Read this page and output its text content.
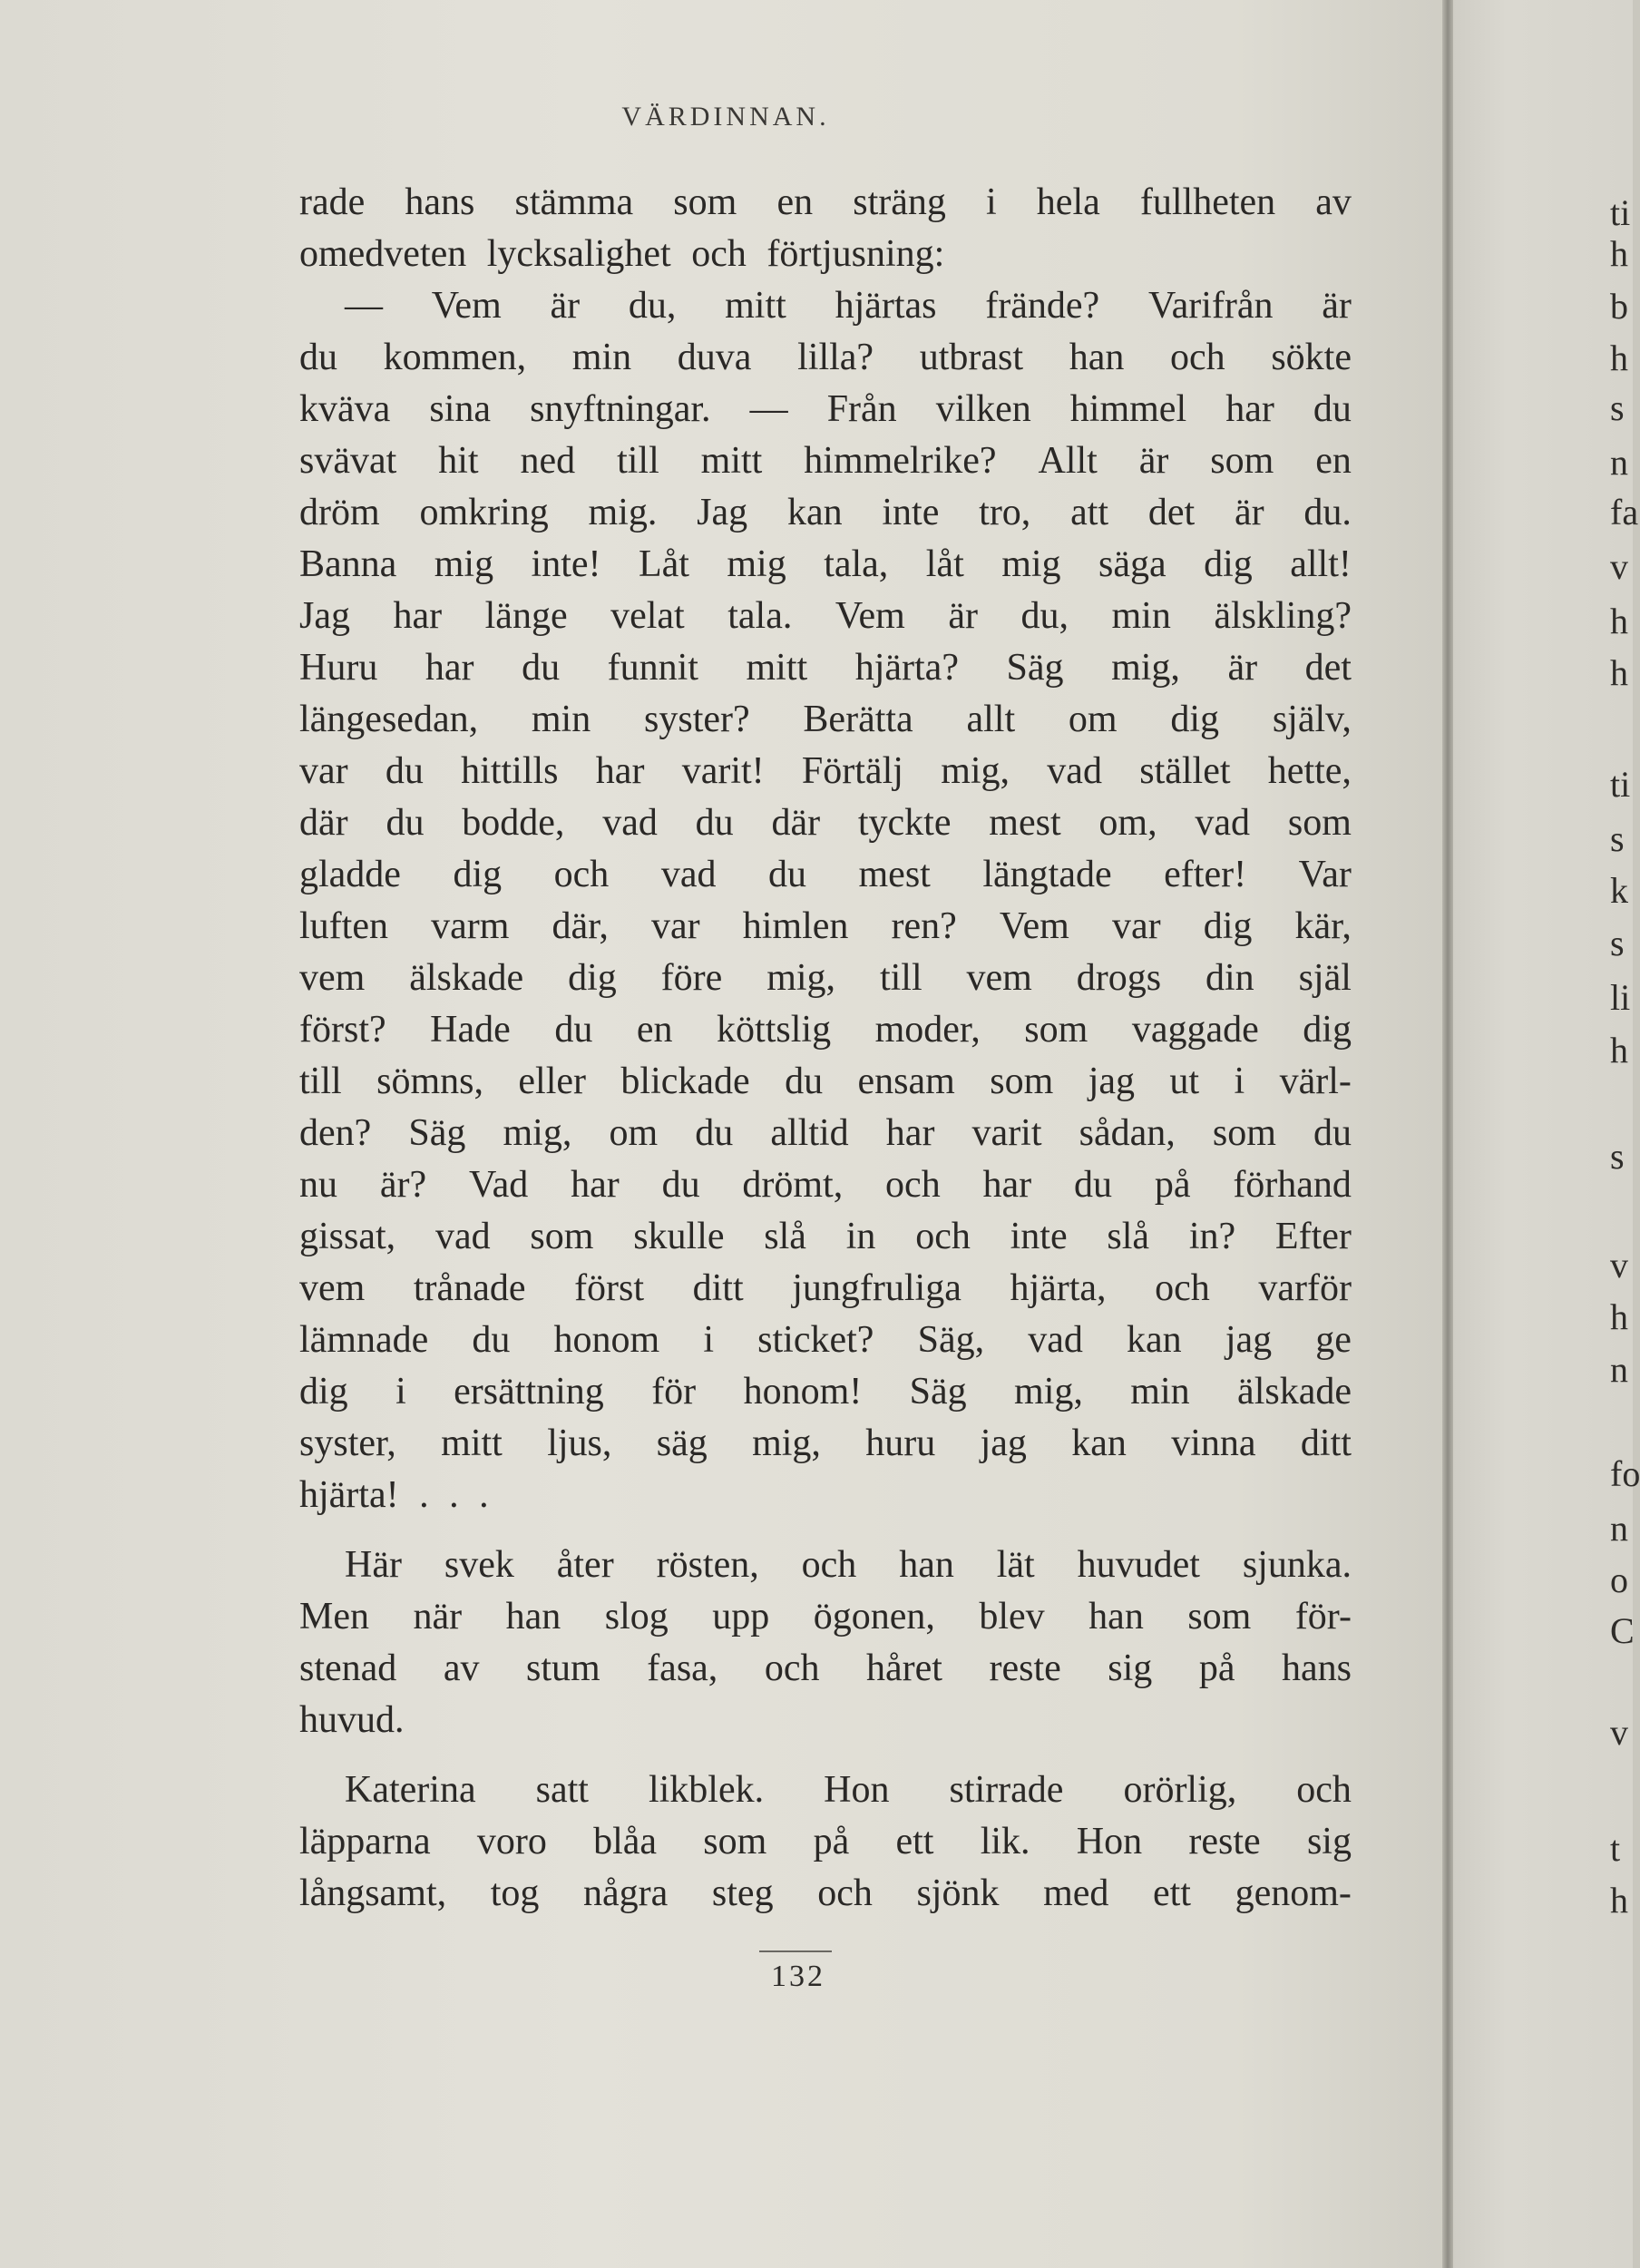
VÄRDINNAN.
rade hans stämma som en sträng i hela fullheten av
omedveten lycksalighet och förtjusning:
— Vem är du, mitt hjärtas frände? Varifrån är
du kommen, min duva lilla? utbrast han och sökte
kväva sina snyftningar. — Från vilken himmel har du
svävat hit ned till mitt himmelrike? Allt är som en
dröm omkring mig. Jag kan inte tro, att det är du.
Banna mig inte! Låt mig tala, låt mig säga dig allt!
Jag har länge velat tala. Vem är du, min älskling?
Huru har du funnit mitt hjärta? Säg mig, är det
längesedan, min syster? Berätta allt om dig själv,
var du hittills har varit! Förtälj mig, vad stället hette,
där du bodde, vad du där tyckte mest om, vad som
gladde dig och vad du mest längtade efter! Var
luften varm där, var himlen ren? Vem var dig kär,
vem älskade dig före mig, till vem drogs din själ
först? Hade du en köttslig moder, som vaggade dig
till sömns, eller blickade du ensam som jag ut i värl-
den? Säg mig, om du alltid har varit sådan, som du
nu är? Vad har du drömt, och har du på förhand
gissat, vad som skulle slå in och inte slå in? Efter
vem trånade först ditt jungfruliga hjärta, och varför
lämnade du honom i sticket? Säg, vad kan jag ge
dig i ersättning för honom! Säg mig, min älskade
syster, mitt ljus, säg mig, huru jag kan vinna ditt
hjärta! . . .
Här svek åter rösten, och han lät huvudet sjunka.
Men när han slog upp ögonen, blev han som för-
stenad av stum fasa, och håret reste sig på hans
huvud.
Katerina satt likblek. Hon stirrade orörlig, och
läpparna voro blåa som på ett lik. Hon reste sig
långsamt, tog några steg och sjönk med ett genom-
132
ti
h
b
h
s
n
fa
v
h
h
ti
s
k
s
li
h
s
v
h
n
fo
n
o
C
v
t
h
